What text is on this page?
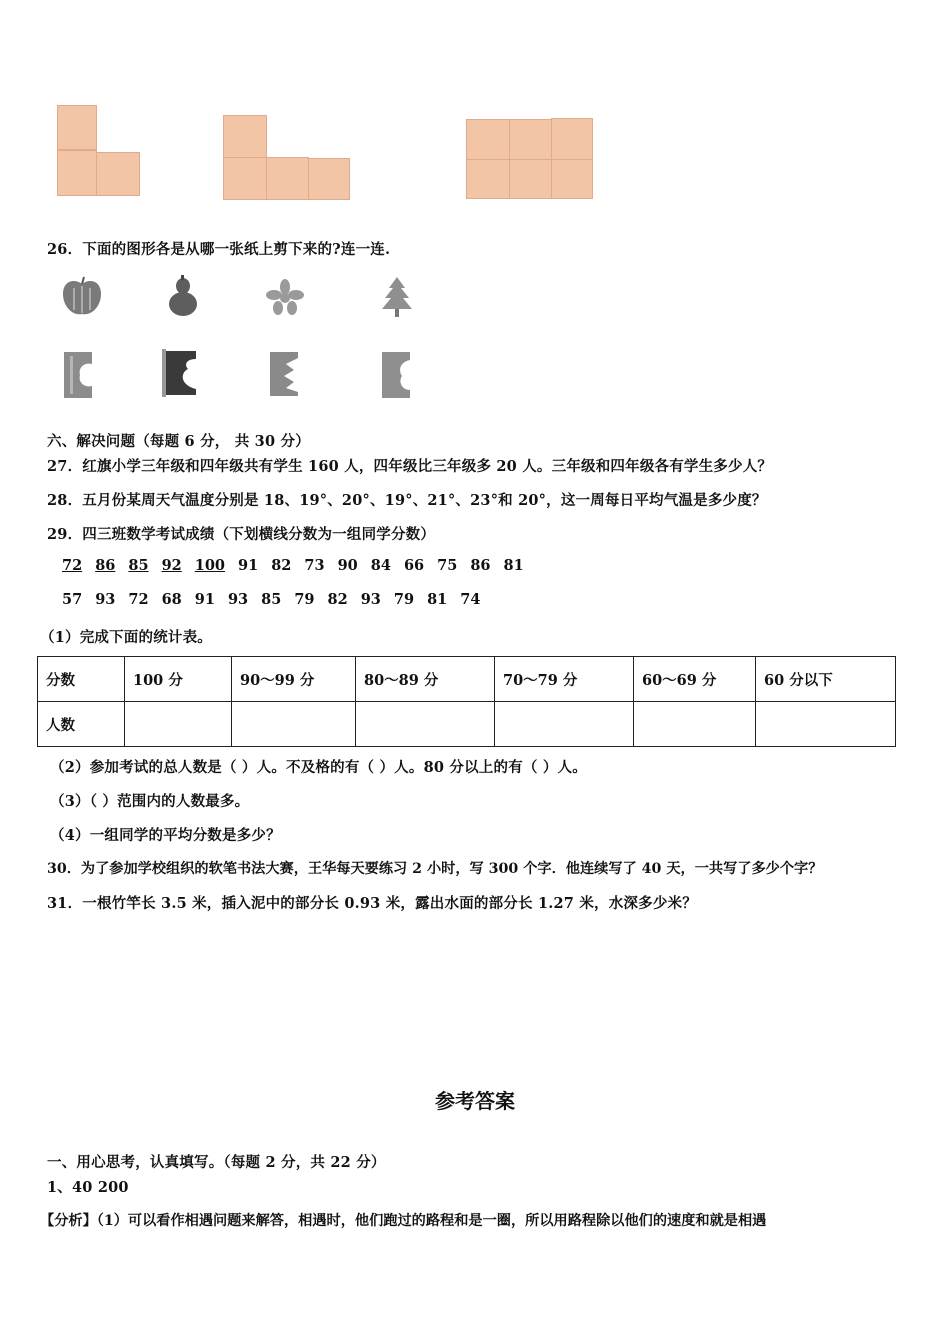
26．下面的图形各是从哪一张纸上剪下来的?连一连.
六、解决问题（每题 6 分， 共 30 分）
27．红旗小学三年级和四年级共有学生 160 人，四年级比三年级多 20 人。三年级和四年级各有学生多少人？
28．五月份某周天气温度分别是 18、19°、20°、19°、21°、23°和 20°，这一周每日平均气温是多少度？
29．四三班数学考试成绩（下划横线分数为一组同学分数）
72 86 85 92 100 91 82 73 90 84 66 75 86 81
57 93 72 68 91 93 85 79 82 93 79 81 74
（1）完成下面的统计表。
分数	100 分	90～99 分	80～89 分	70～79 分	60～69 分	60 分以下
人数						
（2）参加考试的总人数是（ ）人。不及格的有（ ）人。80 分以上的有（ ）人。
（3）（ ）范围内的人数最多。
（4）一组同学的平均分数是多少？
30．为了参加学校组织的软笔书法大赛，王华每天要练习 2 小时，写 300 个字．他连续写了 40 天，一共写了多少个字？
31．一根竹竿长 3.5 米，插入泥中的部分长 0.93 米，露出水面的部分长 1.27 米，水深多少米？
参考答案
一、用心思考，认真填写。（每题 2 分，共 22 分）
1、40 200
【分析】（1）可以看作相遇问题来解答，相遇时，他们跑过的路程和是一圈，所以用路程除以他们的速度和就是相遇
